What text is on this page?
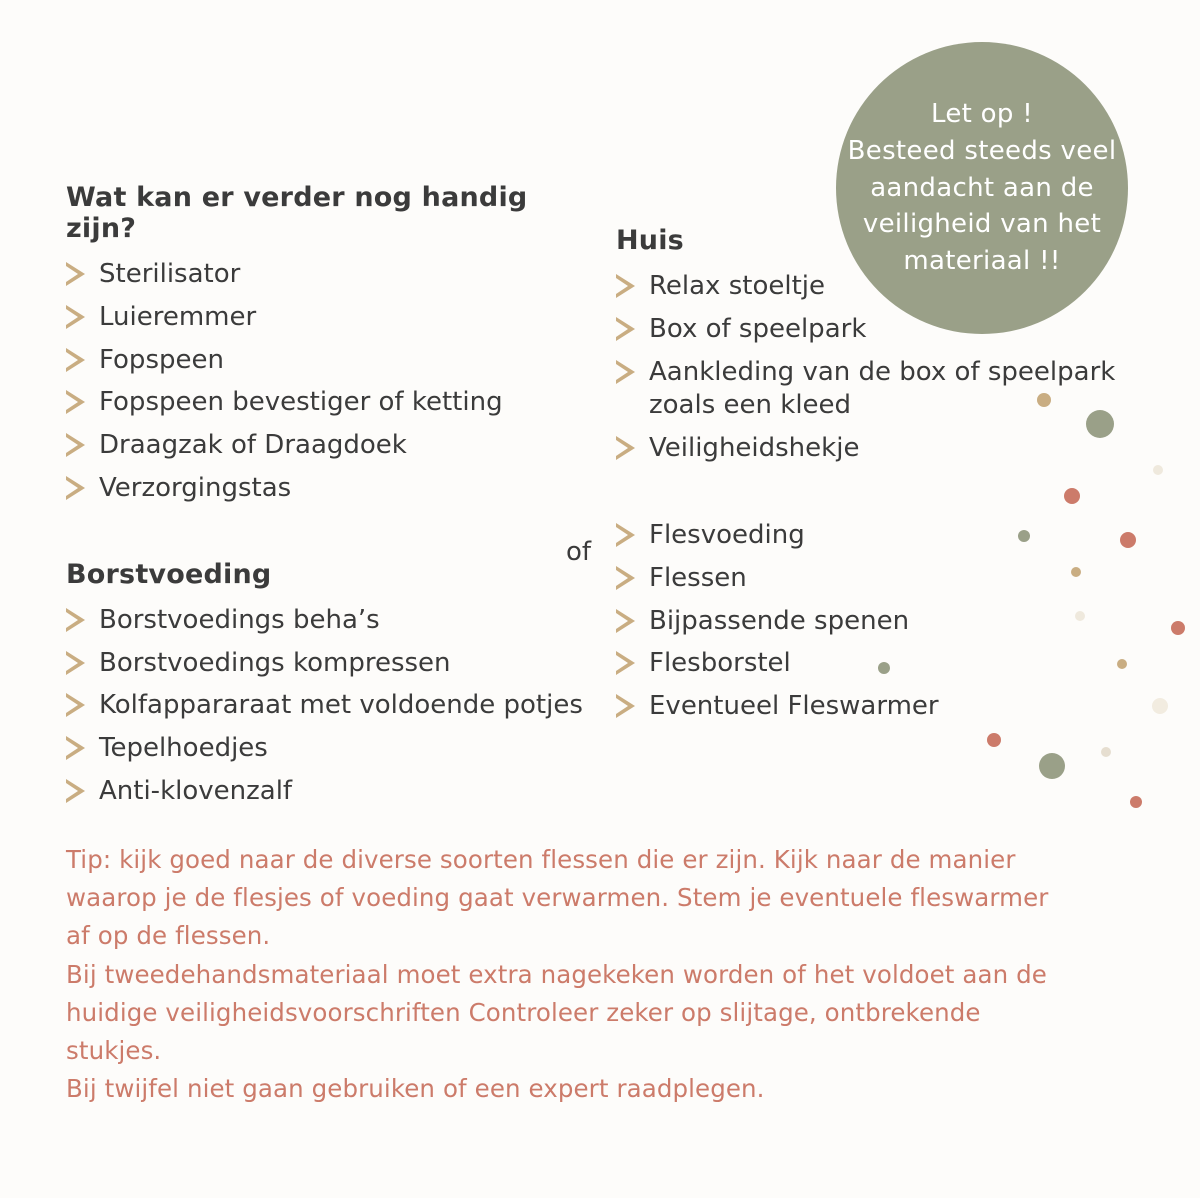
Let op !
Besteed steeds veel
aandacht aan de
veiligheid van het
materiaal !!
Wat kan er verder nog handig zijn?
Sterilisator
Luieremmer
Fopspeen
Fopspeen bevestiger of ketting
Draagzak of Draagdoek
Verzorgingstas
Borstvoeding
Borstvoedings beha’s
Borstvoedings kompressen
Kolfappararaat met voldoende potjes
Tepelhoedjes
Anti-klovenzalf
of
Huis
Relax stoeltje
Box of speelpark
Aankleding van de box of speelpark
zoals een kleed
Veiligheidshekje
Flesvoeding
Flessen
Bijpassende spenen
Flesborstel
Eventueel Fleswarmer

Tip: kijk goed naar de diverse soorten flessen die er zijn. Kijk naar de manier waarop je de flesjes of voeding gaat verwarmen. Stem je eventuele fleswarmer af op de flessen.

Bij tweedehandsmateriaal moet extra nagekeken worden of het voldoet aan de huidige veiligheidsvoorschriften Controleer zeker op slijtage, ontbrekende stukjes.

Bij twijfel niet gaan gebruiken of een expert raadplegen.
